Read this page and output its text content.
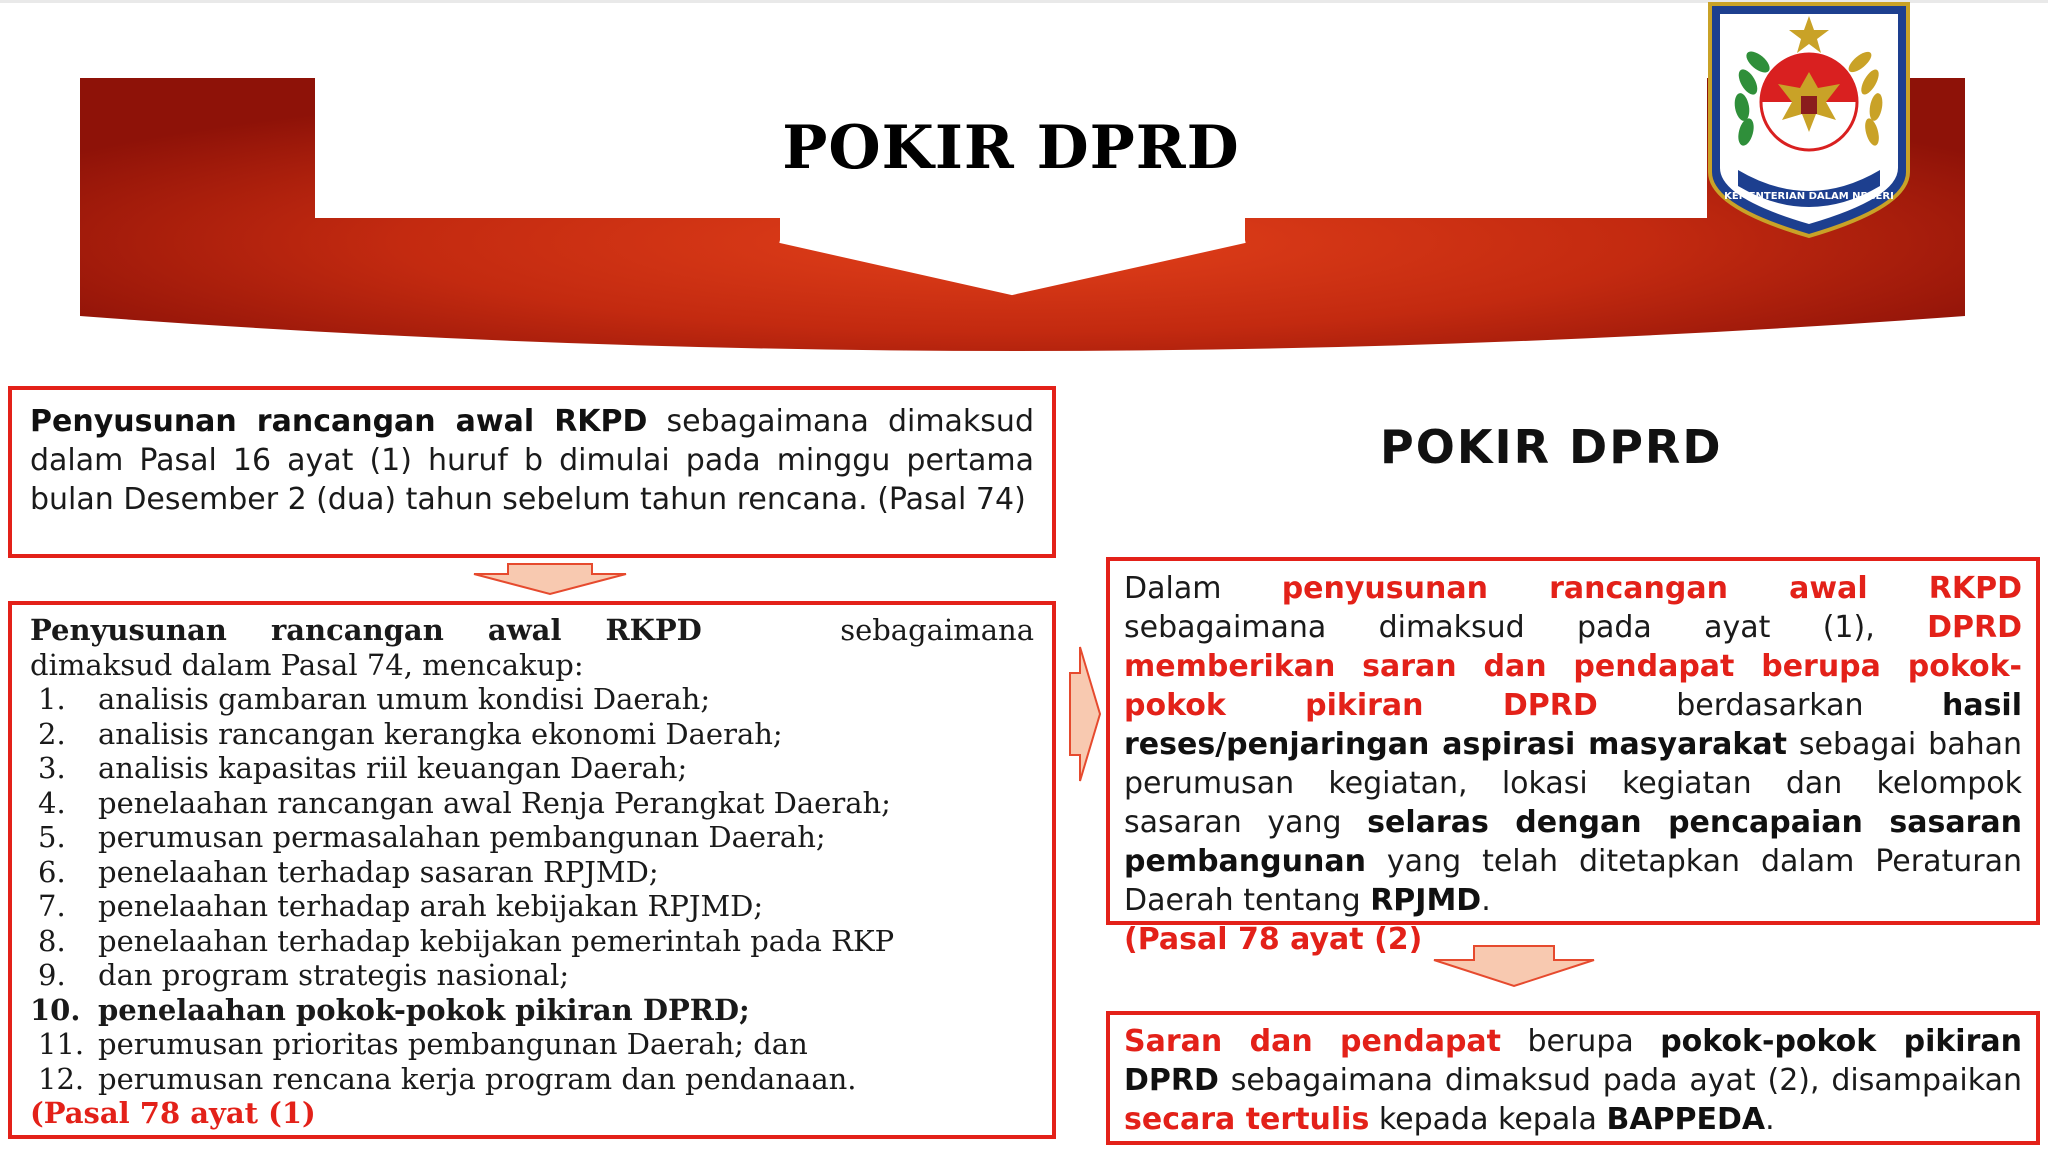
POKIR DPRD
KEMENTERIAN DALAM NEGERI

Penyusunan rancangan awal RKPD sebagaimana dimaksud dalam Pasal 16 ayat (1) huruf b dimulai pada minggu pertama bulan Desember 2 (dua) tahun sebelum tahun rencana. (Pasal 74)

Penyusunan rancangan awal RKPD	sebagaimana
dimaksud dalam Pasal 74, mencakup:
1.	analisis gambaran umum kondisi Daerah;
2.	analisis rancangan kerangka ekonomi Daerah;
3.	analisis kapasitas riil keuangan Daerah;
4.	penelaahan rancangan awal Renja Perangkat Daerah;
5.	perumusan permasalahan pembangunan Daerah;
6.	penelaahan terhadap sasaran RPJMD;
7.	penelaahan terhadap arah kebijakan RPJMD;
8.	penelaahan terhadap kebijakan pemerintah pada RKP
9.	dan program strategis nasional;
10. penelaahan pokok-pokok pikiran DPRD;
11. perumusan prioritas pembangunan Daerah; dan
12. perumusan rencana kerja program dan pendanaan.
(Pasal 78 ayat (1)
POKIR DPRD

Dalam penyusunan rancangan awal RKPD sebagaimana dimaksud pada ayat (1), DPRD memberikan saran dan pendapat berupa pokok-pokok pikiran DPRD berdasarkan hasil reses/penjaringan aspirasi masyarakat sebagai bahan perumusan kegiatan, lokasi kegiatan dan kelompok sasaran yang selaras dengan pencapaian sasaran pembangunan yang telah ditetapkan dalam Peraturan Daerah tentang RPJMD.
(Pasal 78 ayat (2)

Saran dan pendapat berupa pokok-pokok pikiran DPRD sebagaimana dimaksud pada ayat (2), disampaikan secara tertulis kepada kepala BAPPEDA.
